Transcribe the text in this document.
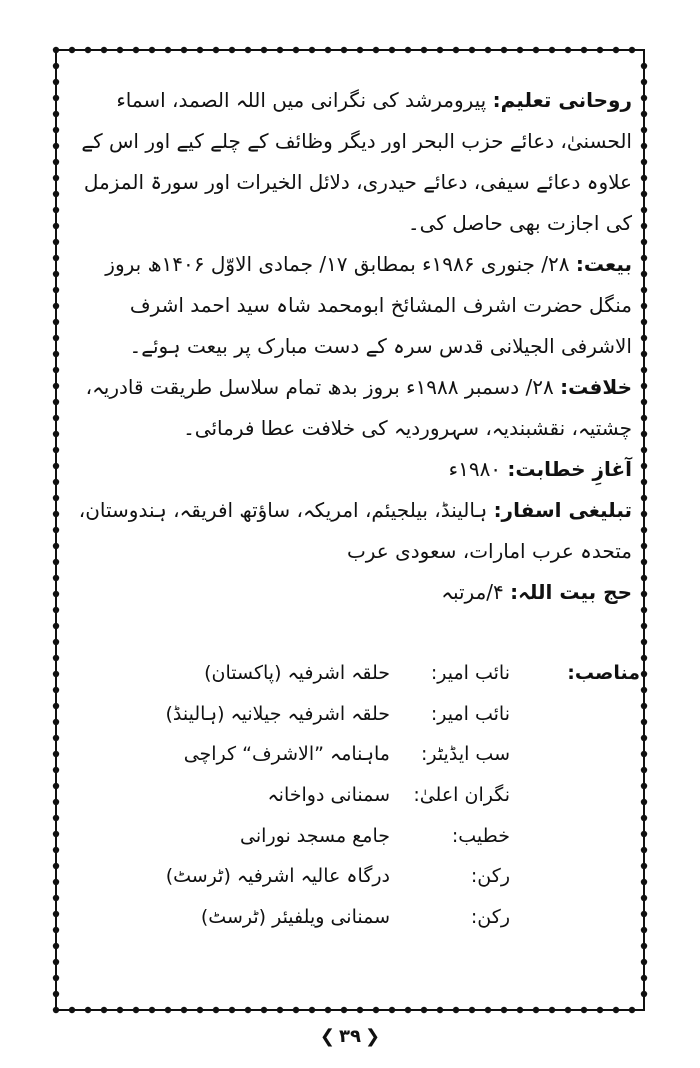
روحانی تعلیم: پیرومرشد کی نگرانی میں اللہ الصمد، اسماء الحسنیٰ، دعائے حزب البحر اور دیگر وظائف کے چلے کیے اور اس کے علاوہ دعائے سیفی، دعائے حیدری، دلائل الخیرات اور سورۃ المزمل کی اجازت بھی حاصل کی۔

بیعت: ۲۸/ جنوری ۱۹۸۶ء بمطابق ۱۷/ جمادی الاوّل ۱۴۰۶ھ بروز منگل حضرت اشرف المشائخ ابومحمد شاہ سید احمد اشرف الاشرفی الجیلانی قدس سرہ کے دست مبارک پر بیعت ہوئے۔

خلافت: ۲۸/ دسمبر ۱۹۸۸ء بروز بدھ تمام سلاسل طریقت قادریہ، چشتیہ، نقشبندیہ، سہروردیہ کی خلافت عطا فرمائی۔

آغازِ خطابت: ۱۹۸۰ء

تبلیغی اسفار: ہالینڈ، بیلجیئم، امریکہ، ساؤتھ افریقہ، ہندوستان، متحدہ عرب امارات، سعودی عرب

حج بیت اللہ: ۴/مرتبہ

مناصب:
نائب امیر:
حلقہ اشرفیہ (پاکستان)
نائب امیر:
حلقہ اشرفیہ جیلانیہ (ہالینڈ)
سب ایڈیٹر:
ماہنامہ ”الاشرف“ کراچی
نگران اعلیٰ:
سمنانی دواخانہ
خطیب:
جامع مسجد نورانی
رکن:
درگاہ عالیہ اشرفیہ (ٹرسٹ)
رکن:
سمنانی ویلفیئر (ٹرسٹ)
❮ ۳۹ ❯
